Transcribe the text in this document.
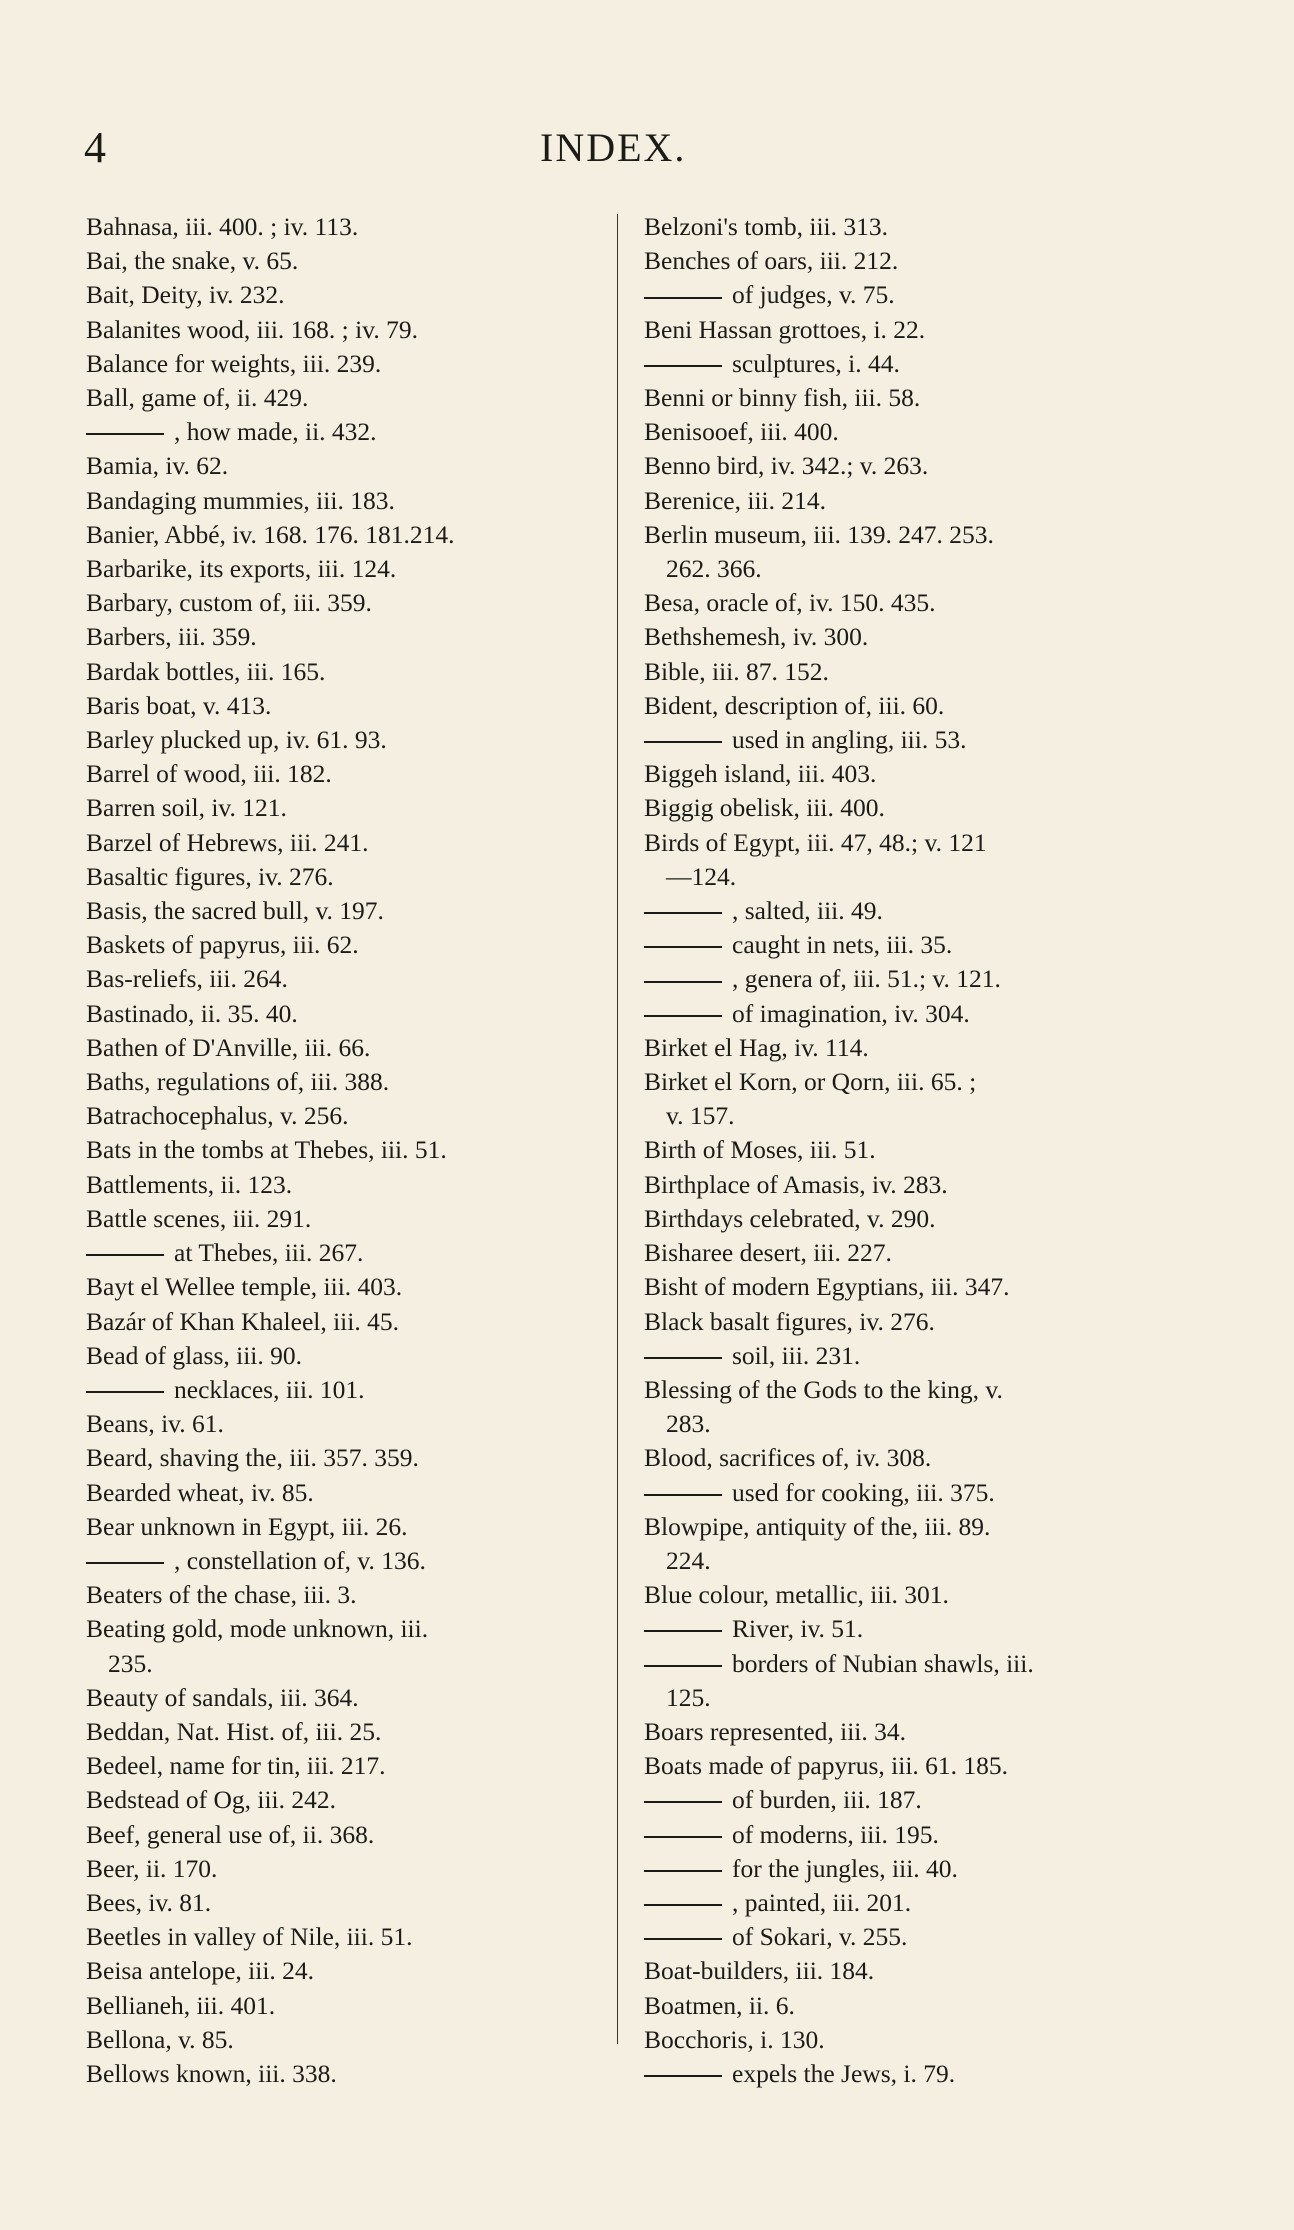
4	INDEX.
Bahnasa, iii. 400. ; iv. 113.
Bai, the snake, v. 65.
Bait, Deity, iv. 232.
Balanites wood, iii. 168. ; iv. 79.
Balance for weights, iii. 239.
Ball, game of, ii. 429.
, how made, ii. 432.
Bamia, iv. 62.
Bandaging mummies, iii. 183.
Banier, Abbé, iv. 168. 176. 181.214.
Barbarike, its exports, iii. 124.
Barbary, custom of, iii. 359.
Barbers, iii. 359.
Bardak bottles, iii. 165.
Baris boat, v. 413.
Barley plucked up, iv. 61. 93.
Barrel of wood, iii. 182.
Barren soil, iv. 121.
Barzel of Hebrews, iii. 241.
Basaltic figures, iv. 276.
Basis, the sacred bull, v. 197.
Baskets of papyrus, iii. 62.
Bas-reliefs, iii. 264.
Bastinado, ii. 35. 40.
Bathen of D'Anville, iii. 66.
Baths, regulations of, iii. 388.
Batrachocephalus, v. 256.
Bats in the tombs at Thebes, iii. 51.
Battlements, ii. 123.
Battle scenes, iii. 291.
at Thebes, iii. 267.
Bayt el Wellee temple, iii. 403.
Bazár of Khan Khaleel, iii. 45.
Bead of glass, iii. 90.
necklaces, iii. 101.
Beans, iv. 61.
Beard, shaving the, iii. 357. 359.
Bearded wheat, iv. 85.
Bear unknown in Egypt, iii. 26.
, constellation of, v. 136.
Beaters of the chase, iii. 3.
Beating gold, mode unknown, iii.
235.
Beauty of sandals, iii. 364.
Beddan, Nat. Hist. of, iii. 25.
Bedeel, name for tin, iii. 217.
Bedstead of Og, iii. 242.
Beef, general use of, ii. 368.
Beer, ii. 170.
Bees, iv. 81.
Beetles in valley of Nile, iii. 51.
Beisa antelope, iii. 24.
Bellianeh, iii. 401.
Bellona, v. 85.
Bellows known, iii. 338.
Belzoni's tomb, iii. 313.
Benches of oars, iii. 212.
of judges, v. 75.
Beni Hassan grottoes, i. 22.
sculptures, i. 44.
Benni or binny fish, iii. 58.
Benisooef, iii. 400.
Benno bird, iv. 342.; v. 263.
Berenice, iii. 214.
Berlin museum, iii. 139. 247. 253.
262. 366.
Besa, oracle of, iv. 150. 435.
Bethshemesh, iv. 300.
Bible, iii. 87. 152.
Bident, description of, iii. 60.
used in angling, iii. 53.
Biggeh island, iii. 403.
Biggig obelisk, iii. 400.
Birds of Egypt, iii. 47, 48.; v. 121
—124.
, salted, iii. 49.
caught in nets, iii. 35.
, genera of, iii. 51.; v. 121.
of imagination, iv. 304.
Birket el Hag, iv. 114.
Birket el Korn, or Qorn, iii. 65. ;
v. 157.
Birth of Moses, iii. 51.
Birthplace of Amasis, iv. 283.
Birthdays celebrated, v. 290.
Bisharee desert, iii. 227.
Bisht of modern Egyptians, iii. 347.
Black basalt figures, iv. 276.
soil, iii. 231.
Blessing of the Gods to the king, v.
283.
Blood, sacrifices of, iv. 308.
used for cooking, iii. 375.
Blowpipe, antiquity of the, iii. 89.
224.
Blue colour, metallic, iii. 301.
River, iv. 51.
borders of Nubian shawls, iii.
125.
Boars represented, iii. 34.
Boats made of papyrus, iii. 61. 185.
of burden, iii. 187.
of moderns, iii. 195.
for the jungles, iii. 40.
, painted, iii. 201.
of Sokari, v. 255.
Boat-builders, iii. 184.
Boatmen, ii. 6.
Bocchoris, i. 130.
expels the Jews, i. 79.
